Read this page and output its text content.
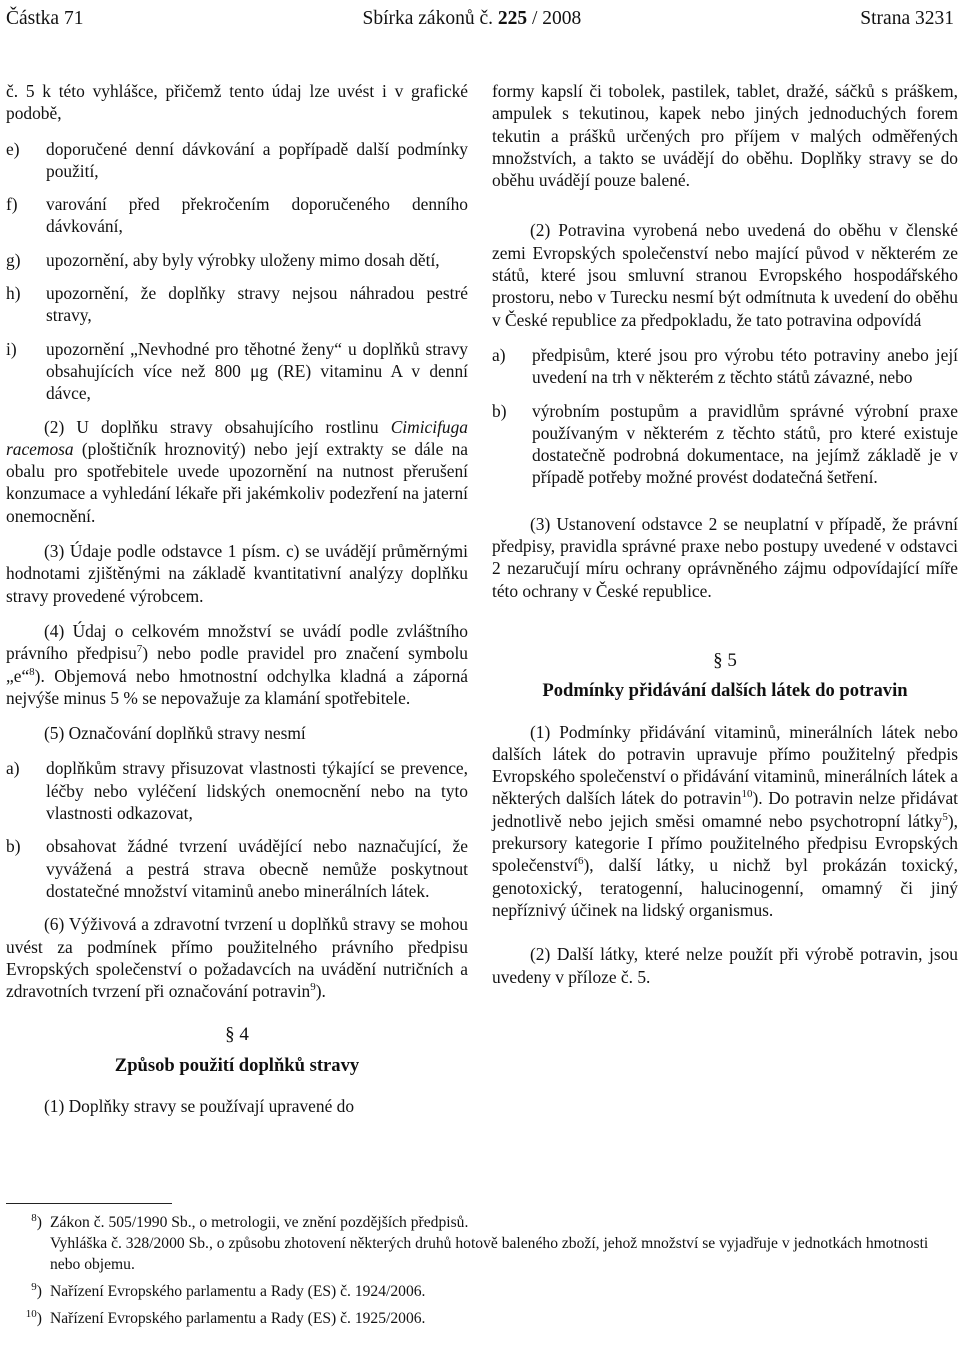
Částka 71	Sbírka zákonů č. 225 / 2008	Strana 3231

č. 5 k této vyhlášce, přičemž tento údaj lze uvést i v grafické podobě,

e)	doporučené denní dávkování a popřípadě další podmínky použití,
f)	varování před překročením doporučeného denního dávkování,
g)	upozornění, aby byly výrobky uloženy mimo dosah dětí,
h)	upozornění, že doplňky stravy nejsou náhradou pestré stravy,
i)	upozornění „Nevhodné pro těhotné ženy“ u doplňků stravy obsahujících více než 800 μg (RE) vitaminu A v denní dávce,

(2) U doplňku stravy obsahujícího rostlinu Cimicifuga racemosa (ploštičník hroznovitý) nebo její extrakty se dále na obalu pro spotřebitele uvede upozornění na nutnost přerušení konzumace a vyhledání lékaře při jakémkoliv podezření na jaterní onemocnění.

(3) Údaje podle odstavce 1 písm. c) se uvádějí průměrnými hodnotami zjištěnými na základě kvantitativní analýzy doplňku stravy provedené výrobcem.

(4) Údaj o celkovém množství se uvádí podle zvláštního právního předpisu$^7$) nebo podle pravidel pro značení symbolu „e“$^8$). Objemová nebo hmotnostní odchylka kladná a záporná nejvýše minus 5 % se nepovažuje za klamání spotřebitele.

(5) Označování doplňků stravy nesmí

a)	doplňkům stravy přisuzovat vlastnosti týkající se prevence, léčby nebo vyléčení lidských onemocnění nebo na tyto vlastnosti odkazovat,
b)	obsahovat žádné tvrzení uvádějící nebo naznačující, že vyvážená a pestrá strava obecně nemůže poskytnout dostatečné množství vitaminů anebo minerálních látek.

(6) Výživová a zdravotní tvrzení u doplňků stravy se mohou uvést za podmínek přímo použitelného právního předpisu Evropských společenství o požadavcích na uvádění nutričních a zdravotních tvrzení při označování potravin$^9$).

§ 4
Způsob použití doplňků stravy

(1) Doplňky stravy se používají upravené do

formy kapslí či tobolek, pastilek, tablet, dražé, sáčků s práškem, ampulek s tekutinou, kapek nebo jiných jednoduchých forem tekutin a prášků určených pro příjem v malých odměřených množstvích, a takto se uvádějí do oběhu. Doplňky stravy se do oběhu uvádějí pouze balené.

(2) Potravina vyrobená nebo uvedená do oběhu v členské zemi Evropských společenství nebo mající původ v některém ze států, které jsou smluvní stranou Evropského hospodářského prostoru, nebo v Turecku nesmí být odmítnuta k uvedení do oběhu v České republice za předpokladu, že tato potravina odpovídá

a)	předpisům, které jsou pro výrobu této potraviny anebo její uvedení na trh v některém z těchto států závazné, nebo
b)	výrobním postupům a pravidlům správné výrobní praxe používaným v některém z těchto států, pro které existuje dostatečně podrobná dokumentace, na jejímž základě je v případě potřeby možné provést dodatečná šetření.

(3) Ustanovení odstavce 2 se neuplatní v případě, že právní předpisy, pravidla správné praxe nebo postupy uvedené v odstavci 2 nezaručují míru ochrany oprávněného zájmu odpovídající míře této ochrany v České republice.

§ 5
Podmínky přidávání dalších látek do potravin

(1) Podmínky přidávání vitaminů, minerálních látek nebo dalších látek do potravin upravuje přímo použitelný předpis Evropského společenství o přidávání vitaminů, minerálních látek a některých dalších látek do potravin$^{10}$). Do potravin nelze přidávat jednotlivě nebo jejich směsi omamné nebo psychotropní látky$^5$), prekursory kategorie I přímo použitelného předpisu Evropských společenství$^6$), další látky, u nichž byl prokázán toxický, genotoxický, teratogenní, halucinogenní, omamný či jiný nepříznivý účinek na lidský organismus.

(2) Další látky, které nelze použít při výrobě potravin, jsou uvedeny v příloze č. 5.

$^8$) Zákon č. 505/1990 Sb., o metrologii, ve znění pozdějších předpisů.
Vyhláška č. 328/2000 Sb., o způsobu zhotovení některých druhů hotově baleného zboží, jehož množství se vyjadřuje v jednotkách hmotnosti nebo objemu.
$^9$) Nařízení Evropského parlamentu a Rady (ES) č. 1924/2006.
$^{10}$) Nařízení Evropského parlamentu a Rady (ES) č. 1925/2006.
